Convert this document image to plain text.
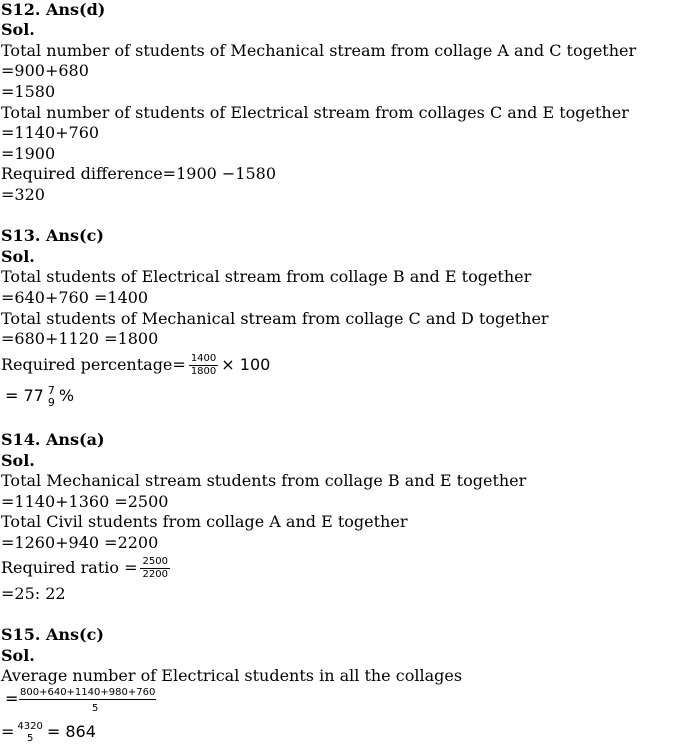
S12. Ans(d)
Sol.
Total number of students of Mechanical stream from collage A and C together
=900+680
=1580
Total number of students of Electrical stream from collages C and E together
=1140+760
=1900
Required difference=1900 −1580
=320
S13. Ans(c)
Sol.
Total students of Electrical stream from collage B and E together
=640+760 =1400
Total students of Mechanical stream from collage C and D together
=680+1120 =1800
Required percentage= $\frac{1400}{1800} \times 100$
= 77 7
9 %
S14. Ans(a)
Sol.
Total Mechanical stream students from collage B and E together
=1140+1360 =2500
Total Civil students from collage A and E together
=1260+940 =2200
Required ratio = $\frac{2500}{2200}$
=25: 22
S15. Ans(c)
Sol.
Average number of Electrical students in all the collages
= 800+640+1140+980+760
5
= 4320
5 = 864
